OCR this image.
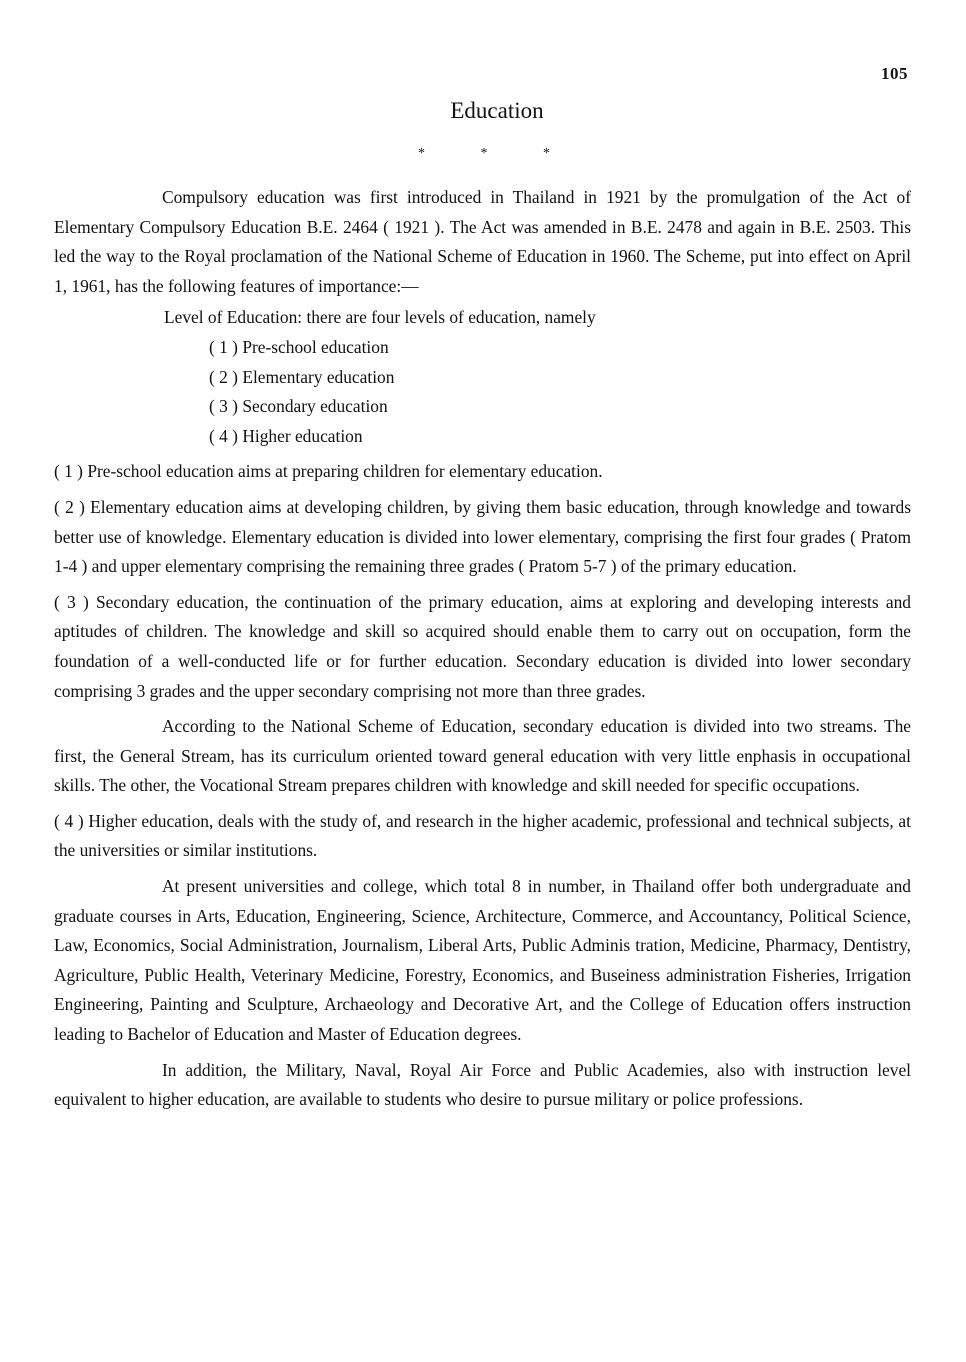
105
Education
* * *

Compulsory education was first introduced in Thailand in 1921 by the promulgation of the Act of Elementary Compulsory Education B.E. 2464 ( 1921 ). The Act was amended in B.E. 2478 and again in B.E. 2503. This led the way to the Royal proclamation of the National Scheme of Education in 1960. The Scheme, put into effect on April 1, 1961, has the following features of importance:—

Level of Education: there are four levels of education, namely

( 1 ) Pre-school education
( 2 ) Elementary education
( 3 ) Secondary education
( 4 ) Higher education

( 1 ) Pre-school education aims at preparing children for elementary education.

( 2 ) Elementary education aims at developing children, by giving them basic education, through knowledge and towards better use of knowledge. Elementary education is divided into lower elementary, comprising the first four grades ( Pratom 1-4 ) and upper elementary comprising the remaining three grades ( Pratom 5-7 ) of the primary education.

( 3 ) Secondary education, the continuation of the primary education, aims at exploring and developing interests and aptitudes of children. The knowledge and skill so acquired should enable them to carry out on occupation, form the foundation of a well-conducted life or for further education. Secondary education is divided into lower secondary comprising 3 grades and the upper secondary comprising not more than three grades.

According to the National Scheme of Education, secondary education is divided into two streams. The first, the General Stream, has its curriculum oriented toward general education with very little enphasis in occupational skills. The other, the Vocational Stream prepares children with knowledge and skill needed for specific occupations.

( 4 ) Higher education, deals with the study of, and research in the higher academic, professional and technical subjects, at the universities or similar institutions.

At present universities and college, which total 8 in number, in Thailand offer both undergraduate and graduate courses in Arts, Education, Engineering, Science, Architecture, Commerce, and Accountancy, Political Science, Law, Economics, Social Administration, Journalism, Liberal Arts, Public Adminis tration, Medicine, Pharmacy, Dentistry, Agriculture, Public Health, Veterinary Medicine, Forestry, Economics, and Buseiness administration Fisheries, Irrigation Engineering, Painting and Sculpture, Archaeology and Decorative Art, and the College of Education offers instruction leading to Bachelor of Education and Master of Education degrees.

In addition, the Military, Naval, Royal Air Force and Public Academies, also with instruction level equivalent to higher education, are available to students who desire to pursue military or police professions.
